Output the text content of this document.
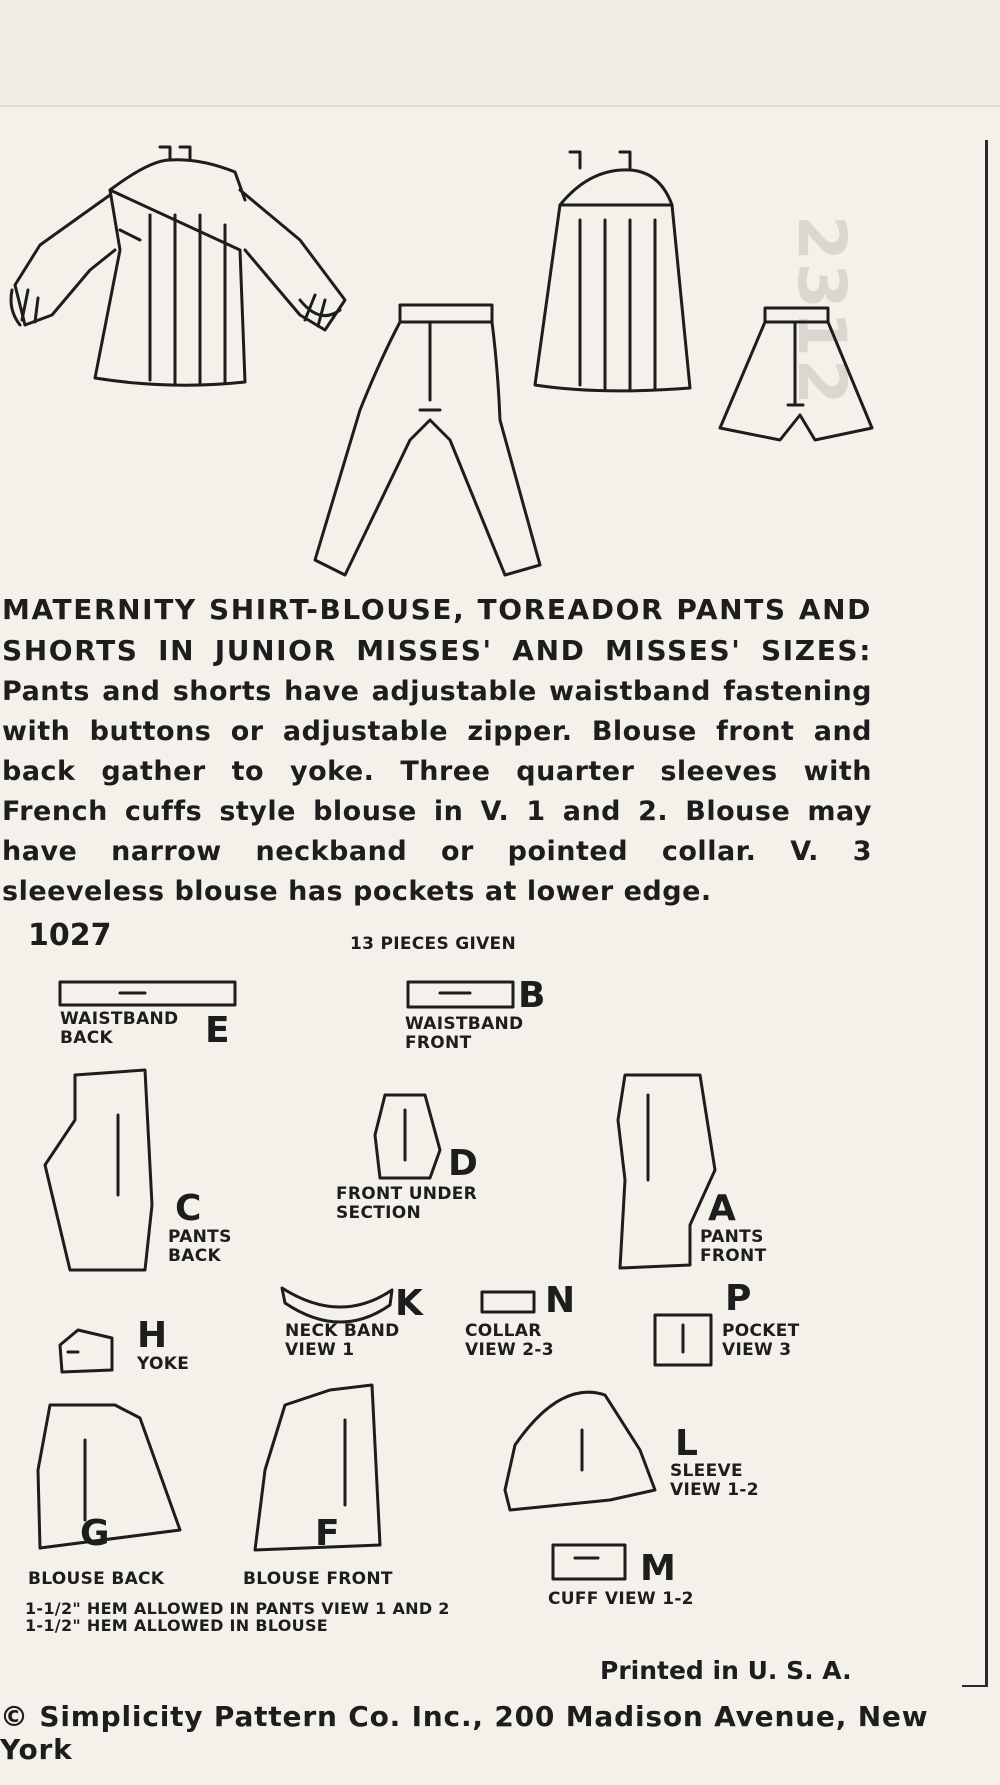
2312
MATERNITY SHIRT-BLOUSE, TOREADOR PANTS AND SHORTS IN JUNIOR MISSES' AND MISSES' SIZES: Pants and shorts have adjustable waistband fastening with buttons or adjustable zipper. Blouse front and back gather to yoke. Three quarter sleeves with French cuffs style blouse in V. 1 and 2. Blouse may have narrow neckband or pointed collar. V. 3 sleeveless blouse has pockets at lower edge.
1027	13 PIECES GIVEN
WAISTBAND
BACK	E
B
WAISTBAND
FRONT
C
PANTS
BACK
D
FRONT UNDER
SECTION	A
PANTS
FRONT
K
NECK BAND
VIEW 1
N
COLLAR
VIEW 2-3
P
POCKET
VIEW 3
H
YOKE
G
BLOUSE BACK
F
BLOUSE FRONT
L
SLEEVE
VIEW 1-2
M
CUFF VIEW 1-2
1-1/2" HEM ALLOWED IN PANTS VIEW 1 AND 2
1-1/2" HEM ALLOWED IN BLOUSE
Printed in U. S. A.
© Simplicity Pattern Co. Inc., 200 Madison Avenue, New York
